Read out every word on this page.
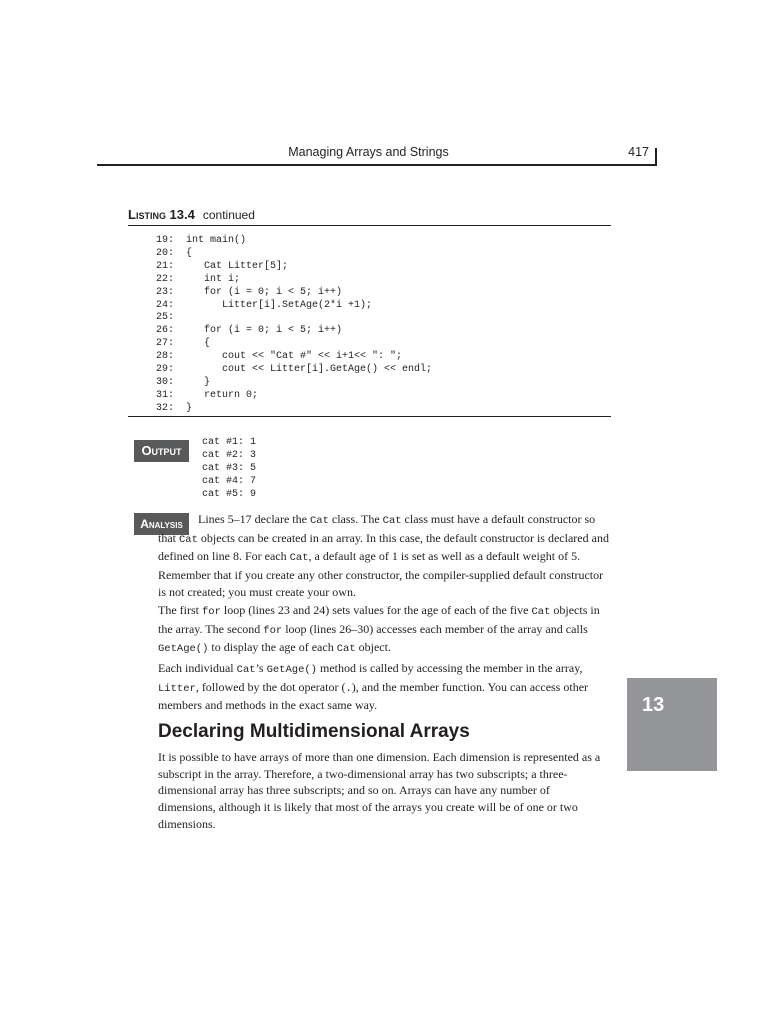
Managing Arrays and Strings	417
Listing 13.4 continued
19:  int main()
20:  {
21:     Cat Litter[5];
22:     int i;
23:     for (i = 0; i < 5; i++)
24:        Litter[i].SetAge(2*i +1);
25:
26:     for (i = 0; i < 5; i++)
27:     {
28:        cout << "Cat #" << i+1<< ": ";
29:        cout << Litter[i].GetAge() << endl;
30:     }
31:     return 0;
32:  }
Output
cat #1: 1
cat #2: 3
cat #3: 5
cat #4: 7
cat #5: 9
Analysis	Lines 5–17 declare the Cat class. The Cat class must have a default constructor so that Cat objects can be created in an array. In this case, the default constructor is declared and defined on line 8. For each Cat, a default age of 1 is set as well as a default weight of 5. Remember that if you create any other constructor, the compiler-supplied default constructor is not created; you must create your own.
The first for loop (lines 23 and 24) sets values for the age of each of the five Cat objects in the array. The second for loop (lines 26–30) accesses each member of the array and calls GetAge() to display the age of each Cat object.
Each individual Cat’s GetAge() method is called by accessing the member in the array, Litter, followed by the dot operator (.), and the member function. You can access other members and methods in the exact same way.
Declaring Multidimensional Arrays
It is possible to have arrays of more than one dimension. Each dimension is represented as a subscript in the array. Therefore, a two-dimensional array has two subscripts; a three-dimensional array has three subscripts; and so on. Arrays can have any number of dimensions, although it is likely that most of the arrays you create will be of one or two dimensions.
13
